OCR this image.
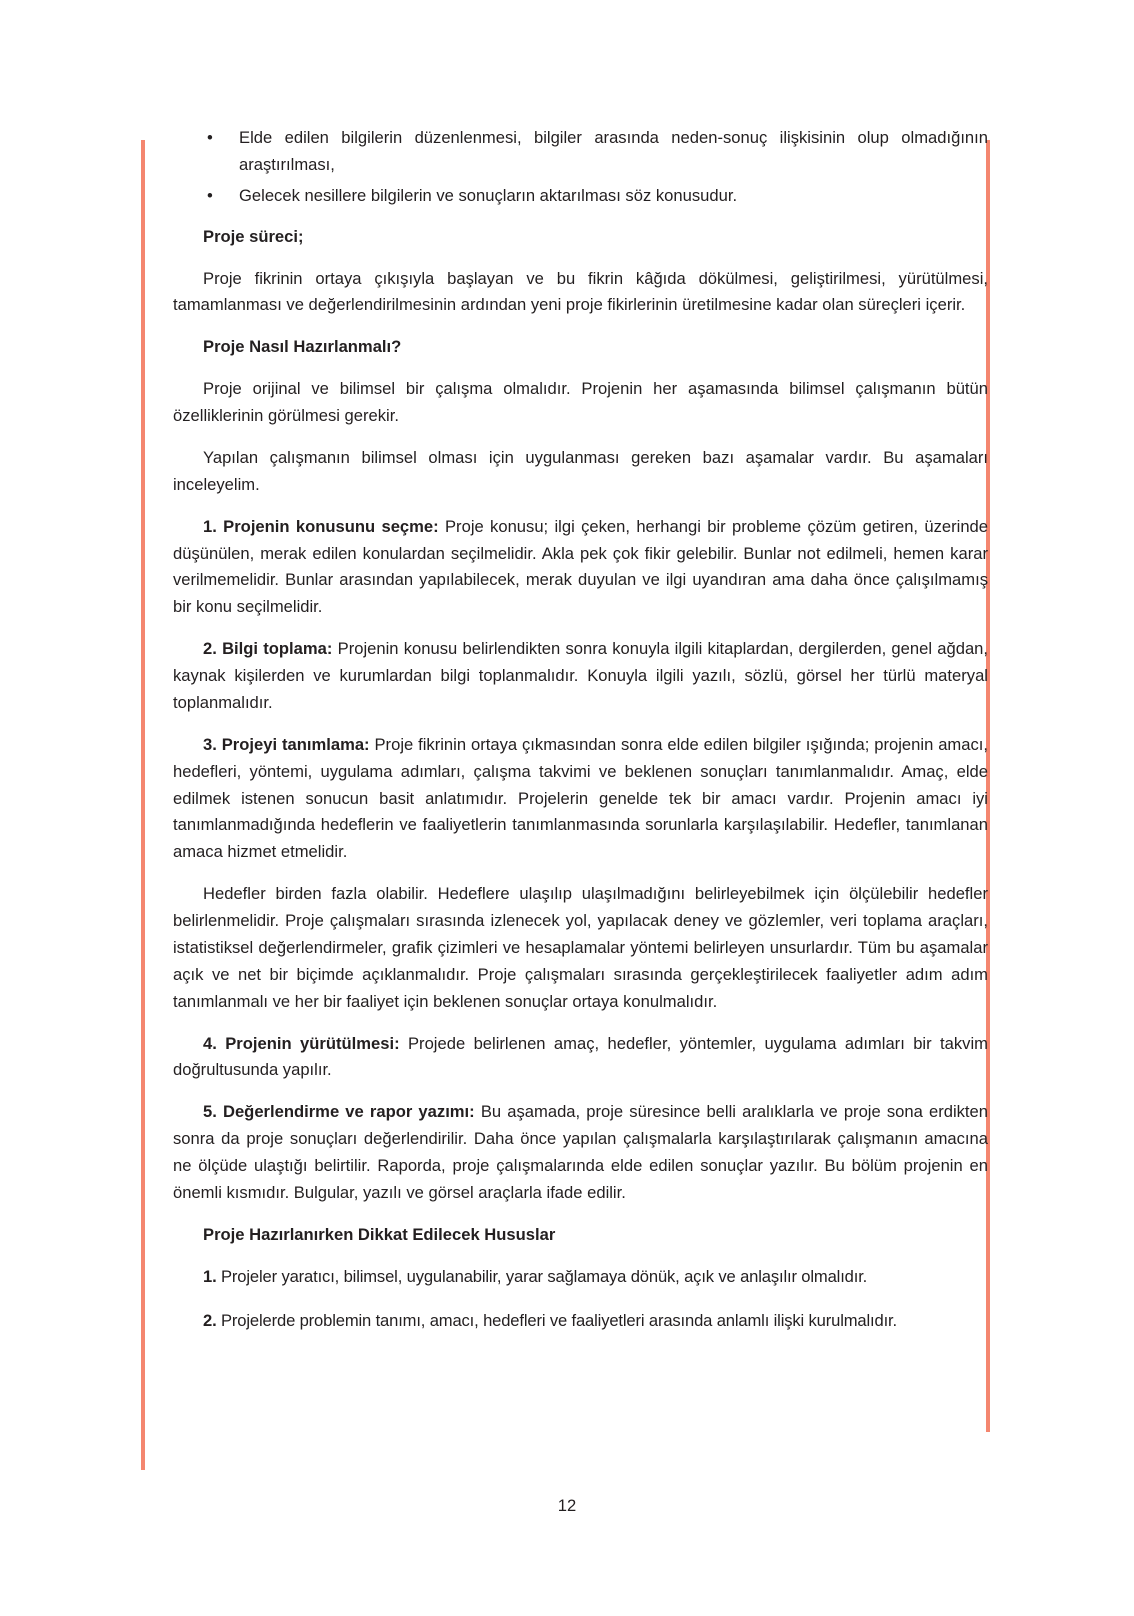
• Elde edilen bilgilerin düzenlenmesi, bilgiler arasında neden-sonuç ilişkisinin olup olmadığının araştırılması,
• Gelecek nesillere bilgilerin ve sonuçların aktarılması söz konusudur.

Proje süreci;

Proje fikrinin ortaya çıkışıyla başlayan ve bu fikrin kâğıda dökülmesi, geliştirilmesi, yürütülmesi, tamamlanması ve değerlendirilmesinin ardından yeni proje fikirlerinin üretilmesine kadar olan süreçleri içerir.

Proje Nasıl Hazırlanmalı?

Proje orijinal ve bilimsel bir çalışma olmalıdır. Projenin her aşamasında bilimsel çalışmanın bütün özelliklerinin görülmesi gerekir.

Yapılan çalışmanın bilimsel olması için uygulanması gereken bazı aşamalar vardır. Bu aşamaları inceleyelim.

1. Projenin konusunu seçme: Proje konusu; ilgi çeken, herhangi bir probleme çözüm getiren, üzerinde düşünülen, merak edilen konulardan seçilmelidir. Akla pek çok fikir gelebilir. Bunlar not edilmeli, hemen karar verilmemelidir. Bunlar arasından yapılabilecek, merak duyulan ve ilgi uyandıran ama daha önce çalışılmamış bir konu seçilmelidir.

2. Bilgi toplama: Projenin konusu belirlendikten sonra konuyla ilgili kitaplardan, dergilerden, genel ağdan, kaynak kişilerden ve kurumlardan bilgi toplanmalıdır. Konuyla ilgili yazılı, sözlü, görsel her türlü materyal toplanmalıdır.

3. Projeyi tanımlama: Proje fikrinin ortaya çıkmasından sonra elde edilen bilgiler ışığında; projenin amacı, hedefleri, yöntemi, uygulama adımları, çalışma takvimi ve beklenen sonuçları tanımlanmalıdır. Amaç, elde edilmek istenen sonucun basit anlatımıdır. Projelerin genelde tek bir amacı vardır. Projenin amacı iyi tanımlanmadığında hedeflerin ve faaliyetlerin tanımlanmasında sorunlarla karşılaşılabilir. Hedefler, tanımlanan amaca hizmet etmelidir.

Hedefler birden fazla olabilir. Hedeflere ulaşılıp ulaşılmadığını belirleyebilmek için ölçülebilir hedefler belirlenmelidir. Proje çalışmaları sırasında izlenecek yol, yapılacak deney ve gözlemler, veri toplama araçları, istatistiksel değerlendirmeler, grafik çizimleri ve hesaplamalar yöntemi belirleyen unsurlardır. Tüm bu aşamalar açık ve net bir biçimde açıklanmalıdır. Proje çalışmaları sırasında gerçekleştirilecek faaliyetler adım adım tanımlanmalı ve her bir faaliyet için beklenen sonuçlar ortaya konulmalıdır.

4. Projenin yürütülmesi: Projede belirlenen amaç, hedefler, yöntemler, uygulama adımları bir takvim doğrultusunda yapılır.

5. Değerlendirme ve rapor yazımı: Bu aşamada, proje süresince belli aralıklarla ve proje sona erdikten sonra da proje sonuçları değerlendirilir. Daha önce yapılan çalışmalarla karşılaştırılarak çalışmanın amacına ne ölçüde ulaştığı belirtilir. Raporda, proje çalışmalarında elde edilen sonuçlar yazılır. Bu bölüm projenin en önemli kısmıdır. Bulgular, yazılı ve görsel araçlarla ifade edilir.

Proje Hazırlanırken Dikkat Edilecek Hususlar

1. Projeler yaratıcı, bilimsel, uygulanabilir, yarar sağlamaya dönük, açık ve anlaşılır olmalıdır.

2. Projelerde problemin tanımı, amacı, hedefleri ve faaliyetleri arasında anlamlı ilişki kurulmalıdır.

12
